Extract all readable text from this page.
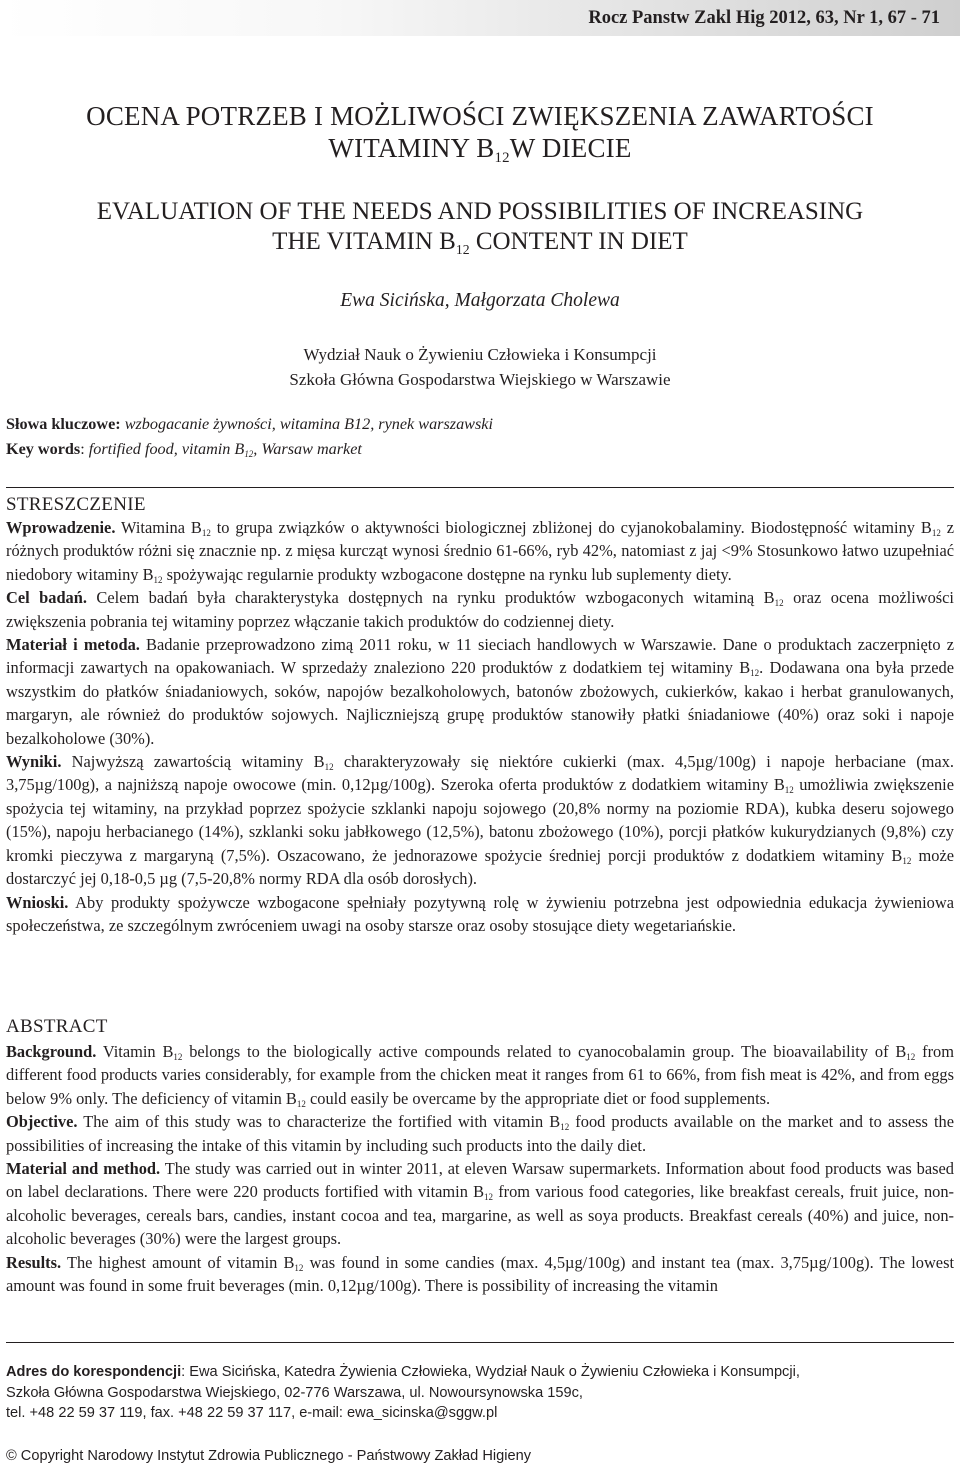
Rocz Panstw Zakl Hig 2012, 63, Nr 1, 67 - 71
OCENA POTRZEB I MOŻLIWOŚCI ZWIĘKSZENIA ZAWARTOŚCI
WITAMINY $B_{12}W$ DIECIE
EVALUATION OF THE NEEDS AND POSSIBILITIES OF INCREASING
THE VITAMIN $B_{12}$ CONTENT IN DIET
Ewa Sicińska, Małgorzata Cholewa
Wydział Nauk o Żywieniu Człowieka i Konsumpcji
Szkoła Główna Gospodarstwa Wiejskiego w Warszawie
Słowa kluczowe: wzbogacanie żywności, witamina B12, rynek warszawski
Key words: fortified food, vitamin $B_{12}$, Warsaw market
STRESZCZENIE

Wprowadzenie. Witamina $B_{12}$ to grupa związków o aktywności biologicznej zbliżonej do cyjanokobalaminy. Biodostępność witaminy $B_{12}$ z różnych produktów różni się znacznie np. z mięsa kurcząt wynosi średnio 61-66%, ryb 42%, natomiast z jaj <9% Stosunkowo łatwo uzupełniać niedobory witaminy $B_{12}$ spożywając regularnie produkty wzbogacone dostępne na rynku lub suplementy diety.

Cel badań. Celem badań była charakterystyka dostępnych na rynku produktów wzbogaconych witaminą $B_{12}$ oraz ocena możliwości zwiększenia pobrania tej witaminy poprzez włączanie takich produktów do codziennej diety.

Materiał i metoda. Badanie przeprowadzono zimą 2011 roku, w 11 sieciach handlowych w Warszawie. Dane o produktach zaczerpnięto z informacji zawartych na opakowaniach. W sprzedaży znaleziono 220 produktów z dodatkiem tej witaminy $B_{12}$. Dodawana ona była przede wszystkim do płatków śniadaniowych, soków, napojów bezalkoholowych, batonów zbożowych, cukierków, kakao i herbat granulowanych, margaryn, ale również do produktów sojowych. Najliczniejszą grupę produktów stanowiły płatki śniadaniowe (40%) oraz soki i napoje bezalkoholowe (30%).

Wyniki. Najwyższą zawartością witaminy $B_{12}$ charakteryzowały się niektóre cukierki (max. 4,5µg/100g) i napoje herbaciane (max. 3,75µg/100g), a najniższą napoje owocowe (min. 0,12µg/100g). Szeroka oferta produktów z dodatkiem witaminy $B_{12}$ umożliwia zwiększenie spożycia tej witaminy, na przykład poprzez spożycie szklanki napoju sojowego (20,8% normy na poziomie RDA), kubka deseru sojowego (15%), napoju herbacianego (14%), szklanki soku jabłkowego (12,5%), batonu zbożowego (10%), porcji płatków kukurydzianych (9,8%) czy kromki pieczywa z margaryną (7,5%). Oszacowano, że jednorazowe spożycie średniej porcji produktów z dodatkiem witaminy $B_{12}$ może dostarczyć jej 0,18-0,5 µg (7,5-20,8% normy RDA dla osób dorosłych).

Wnioski. Aby produkty spożywcze wzbogacone spełniały pozytywną rolę w żywieniu potrzebna jest odpowiednia edukacja żywieniowa społeczeństwa, ze szczególnym zwróceniem uwagi na osoby starsze oraz osoby stosujące diety wegetariańskie.

ABSTRACT

Background. Vitamin $B_{12}$ belongs to the biologically active compounds related to cyanocobalamin group. The bioavailability of $B_{12}$ from different food products varies considerably, for example from the chicken meat it ranges from 61 to 66%, from fish meat is 42%, and from eggs below 9% only. The deficiency of vitamin $B_{12}$ could easily be overcame by the appropriate diet or food supplements.

Objective. The aim of this study was to characterize the fortified with vitamin $B_{12}$ food products available on the market and to assess the possibilities of increasing the intake of this vitamin by including such products into the daily diet.

Material and method. The study was carried out in winter 2011, at eleven Warsaw supermarkets. Information about food products was based on label declarations. There were 220 products fortified with vitamin $B_{12}$ from various food categories, like breakfast cereals, fruit juice, non-alcoholic beverages, cereals bars, candies, instant cocoa and tea, margarine, as well as soya products. Breakfast cereals (40%) and juice, non-alcoholic beverages (30%) were the largest groups.

Results. The highest amount of vitamin $B_{12}$ was found in some candies (max. 4,5µg/100g) and instant tea (max. 3,75µg/100g). The lowest amount was found in some fruit beverages (min. 0,12µg/100g). There is possibility of increasing the vitamin

Adres do korespondencji: Ewa Sicińska, Katedra Żywienia Człowieka, Wydział Nauk o Żywieniu Człowieka i Konsumpcji,
Szkoła Główna Gospodarstwa Wiejskiego, 02-776 Warszawa, ul. Nowoursynowska 159c,
tel. +48 22 59 37 119, fax. +48 22 59 37 117, e-mail: ewa_sicinska@sggw.pl
© Copyright Narodowy Instytut Zdrowia Publicznego - Państwowy Zakład Higieny
